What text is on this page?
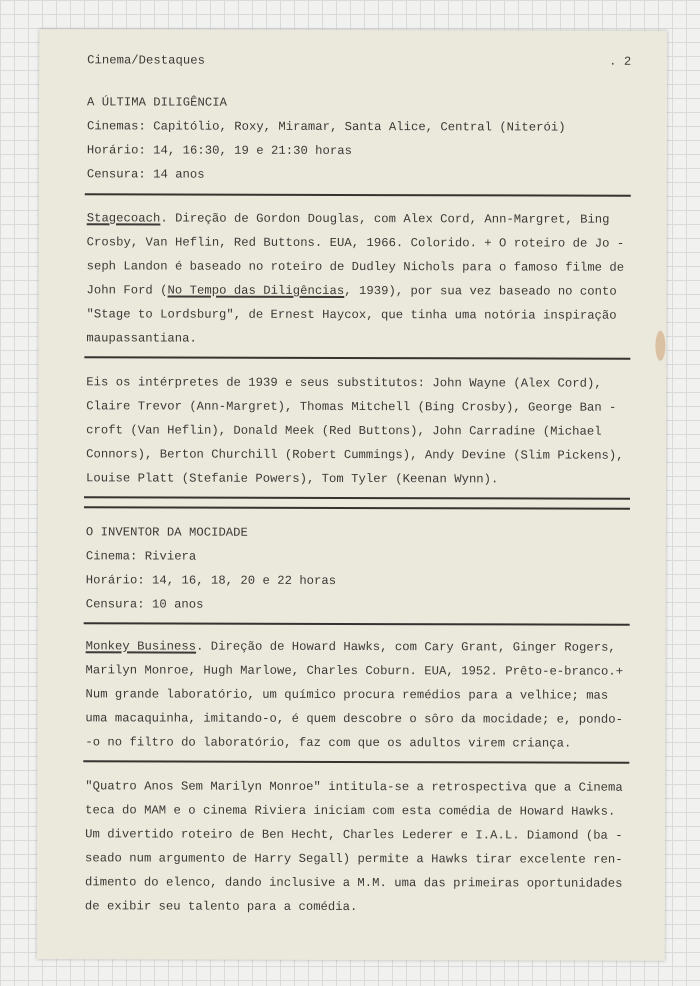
Cinema/Destaques	. 2
A ÚLTIMA DILIGÊNCIA
Cinemas: Capitólio, Roxy, Miramar, Santa Alice, Central (Niterói)
Horário: 14, 16:30, 19 e 21:30 horas
Censura: 14 anos
Stagecoach. Direção de Gordon Douglas, com Alex Cord, Ann-Margret, Bing
Crosby, Van Heflin, Red Buttons. EUA, 1966. Colorido. + O roteiro de Jo -
seph Landon é baseado no roteiro de Dudley Nichols para o famoso filme de
John Ford (No Tempo das Diligências, 1939), por sua vez baseado no conto
"Stage to Lordsburg", de Ernest Haycox, que tinha uma notória inspiração
maupassantiana.
Eis os intérpretes de 1939 e seus substitutos: John Wayne (Alex Cord),
Claire Trevor (Ann-Margret), Thomas Mitchell (Bing Crosby), George Ban -
croft (Van Heflin), Donald Meek (Red Buttons), John Carradine (Michael
Connors), Berton Churchill (Robert Cummings), Andy Devine (Slim Pickens),
Louise Platt (Stefanie Powers), Tom Tyler (Keenan Wynn).
O INVENTOR DA MOCIDADE
Cinema: Riviera
Horário: 14, 16, 18, 20 e 22 horas
Censura: 10 anos
Monkey Business. Direção de Howard Hawks, com Cary Grant, Ginger Rogers,
Marilyn Monroe, Hugh Marlowe, Charles Coburn. EUA, 1952. Prêto-e-branco.+
Num grande laboratório, um químico procura remédios para a velhice; mas
uma macaquinha, imitando-o, é quem descobre o sôro da mocidade; e, pondo-
-o no filtro do laboratório, faz com que os adultos virem criança.
"Quatro Anos Sem Marilyn Monroe" intitula-se a retrospectiva que a Cinema
teca do MAM e o cinema Riviera iniciam com esta comédia de Howard Hawks.
Um divertido roteiro de Ben Hecht, Charles Lederer e I.A.L. Diamond (ba -
seado num argumento de Harry Segall) permite a Hawks tirar excelente ren-
dimento do elenco, dando inclusive a M.M. uma das primeiras oportunidades
de exibir seu talento para a comédia.
